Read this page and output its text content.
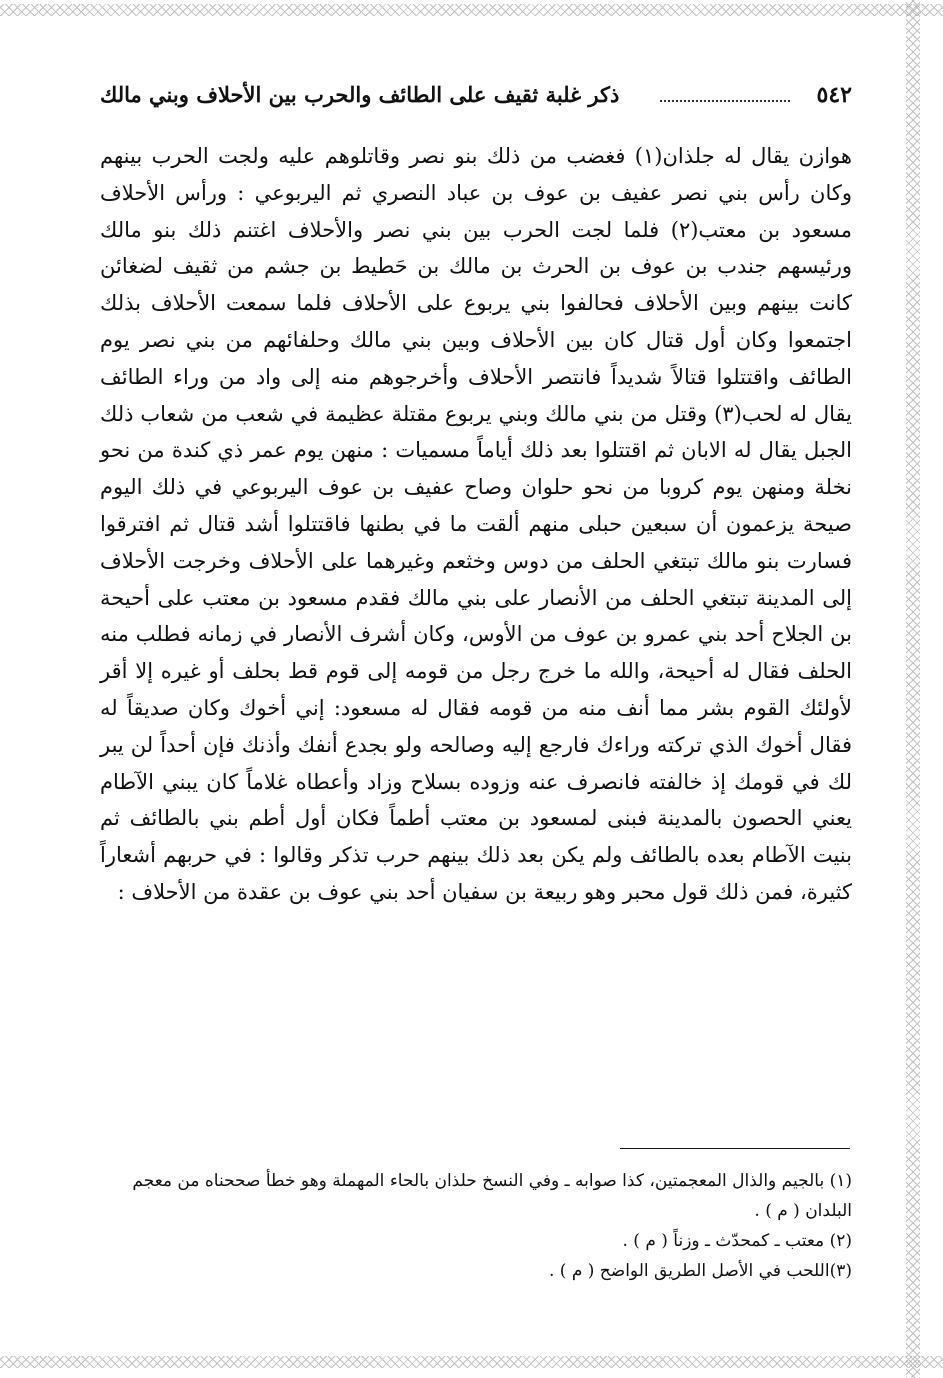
٥٤٢
ذكر غلبة ثقيف على الطائف والحرب بين الأحلاف وبني مالك

هوازن يقال له جلذان(١) فغضب من ذلك بنو نصر وقاتلوهم عليه ولجت الحرب بينهم وكان رأس بني نصر عفيف بن عوف بن عباد النصري ثم اليربوعي : ورأس الأحلاف مسعود بن معتب(٢) فلما لجت الحرب بين بني نصر والأحلاف اغتنم ذلك بنو مالك ورئيسهم جندب بن عوف بن الحرث بن مالك بن حَطيط بن جشم من ثقيف لضغائن كانت بينهم وبين الأحلاف فحالفوا بني يربوع على الأحلاف فلما سمعت الأحلاف بذلك اجتمعوا وكان أول قتال كان بين الأحلاف وبين بني مالك وحلفائهم من بني نصر يوم الطائف واقتتلوا قتالاً شديداً فانتصر الأحلاف وأخرجوهم منه إلى واد من وراء الطائف يقال له لحب(٣) وقتل من بني مالك وبني يربوع مقتلة عظيمة في شعب من شعاب ذلك الجبل يقال له الابان ثم اقتتلوا بعد ذلك أياماً مسميات : منهن يوم عمر ذي كندة من نحو نخلة ومنهن يوم كروبا من نحو حلوان وصاح عفيف بن عوف اليربوعي في ذلك اليوم صيحة يزعمون أن سبعين حبلى منهم ألقت ما في بطنها فاقتتلوا أشد قتال ثم افترقوا فسارت بنو مالك تبتغي الحلف من دوس وخثعم وغيرهما على الأحلاف وخرجت الأحلاف إلى المدينة تبتغي الحلف من الأنصار على بني مالك فقدم مسعود بن معتب على أحيحة بن الجلاح أحد بني عمرو بن عوف من الأوس، وكان أشرف الأنصار في زمانه فطلب منه الحلف فقال له أحيحة، والله ما خرج رجل من قومه إلى قوم قط بحلف أو غيره إلا أقر لأولئك القوم بشر مما أنف منه من قومه فقال له مسعود: إني أخوك وكان صديقاً له فقال أخوك الذي تركته وراءك فارجع إليه وصالحه ولو بجدع أنفك وأذنك فإن أحداً لن يبر لك في قومك إذ خالفته فانصرف عنه وزوده بسلاح وزاد وأعطاه غلاماً كان يبني الآطام يعني الحصون بالمدينة فبنى لمسعود بن معتب أطماً فكان أول أطم بني بالطائف ثم بنيت الآطام بعده بالطائف ولم يكن بعد ذلك بينهم حرب تذكر وقالوا : في حربهم أشعاراً كثيرة، فمن ذلك قول محبر وهو ربيعة بن سفيان أحد بني عوف بن عقدة من الأحلاف :

(١) بالجيم والذال المعجمتين، كذا صوابه ـ وفي النسخ حلذان بالحاء المهملة وهو خطأ صححناه من معجم البلدان ( م ) .

(٢) معتب ـ كمحدّث ـ وزناً ( م ) .

(٣)اللحب في الأصل الطريق الواضح ( م ) .
